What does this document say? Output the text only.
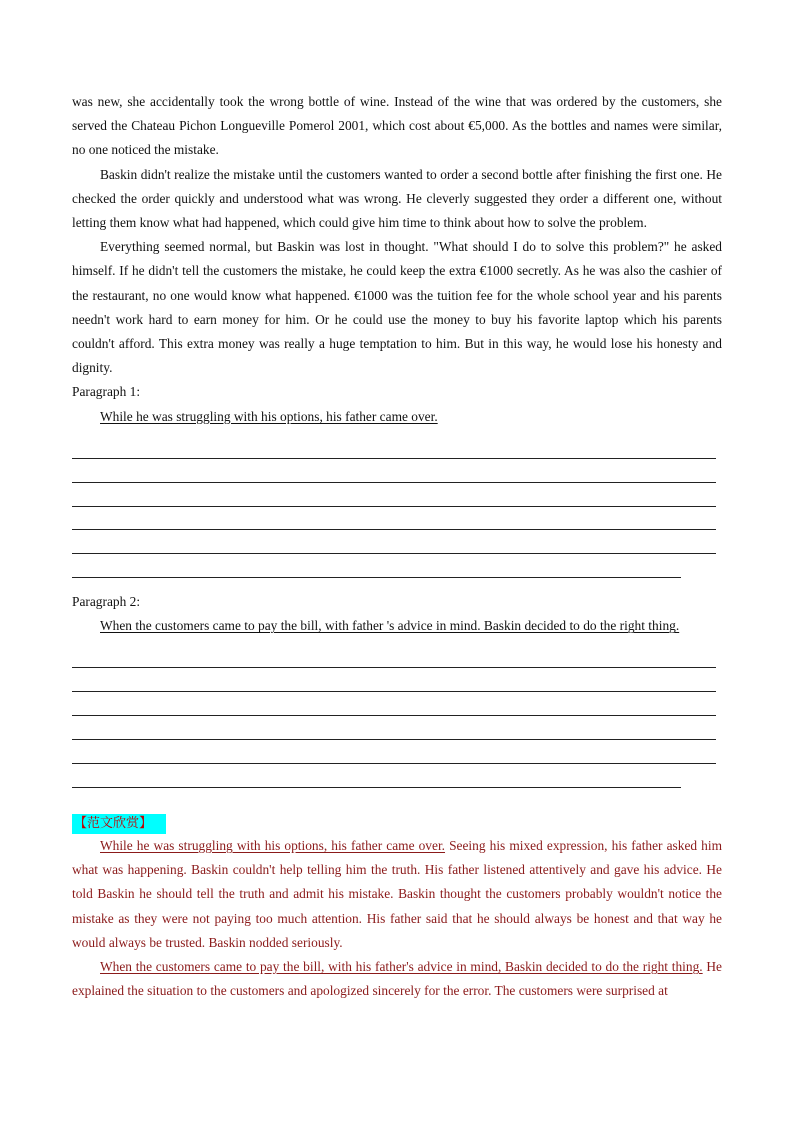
was new, she accidentally took the wrong bottle of wine. Instead of the wine that was ordered by the customers, she served the Chateau Pichon Longueville Pomerol 2001, which cost about €5,000. As the bottles and names were similar, no one noticed the mistake.

Baskin didn't realize the mistake until the customers wanted to order a second bottle after finishing the first one. He checked the order quickly and understood what was wrong. He cleverly suggested they order a different one, without letting them know what had happened, which could give him time to think about how to solve the problem.

Everything seemed normal, but Baskin was lost in thought. "What should I do to solve this problem?" he asked himself. If he didn't tell the customers the mistake, he could keep the extra €1000 secretly. As he was also the cashier of the restaurant, no one would know what happened. €1000 was the tuition fee for the whole school year and his parents needn't work hard to earn money for him. Or he could use the money to buy his favorite laptop which his parents couldn't afford. This extra money was really a huge temptation to him. But in this way, he would lose his honesty and dignity.

Paragraph 1:

While he was struggling with his options, his father came over.

Paragraph 2:

When the customers came to pay the bill, with father 's advice in mind. Baskin decided to do the right thing.

【范文欣赏】

While he was struggling with his options, his father came over. Seeing his mixed expression, his father asked him what was happening. Baskin couldn't help telling him the truth. His father listened attentively and gave his advice. He told Baskin he should tell the truth and admit his mistake. Baskin thought the customers probably wouldn't notice the mistake as they were not paying too much attention. His father said that he should always be honest and that way he would always be trusted. Baskin nodded seriously.

When the customers came to pay the bill, with his father's advice in mind, Baskin decided to do the right thing. He explained the situation to the customers and apologized sincerely for the error. The customers were surprised at
